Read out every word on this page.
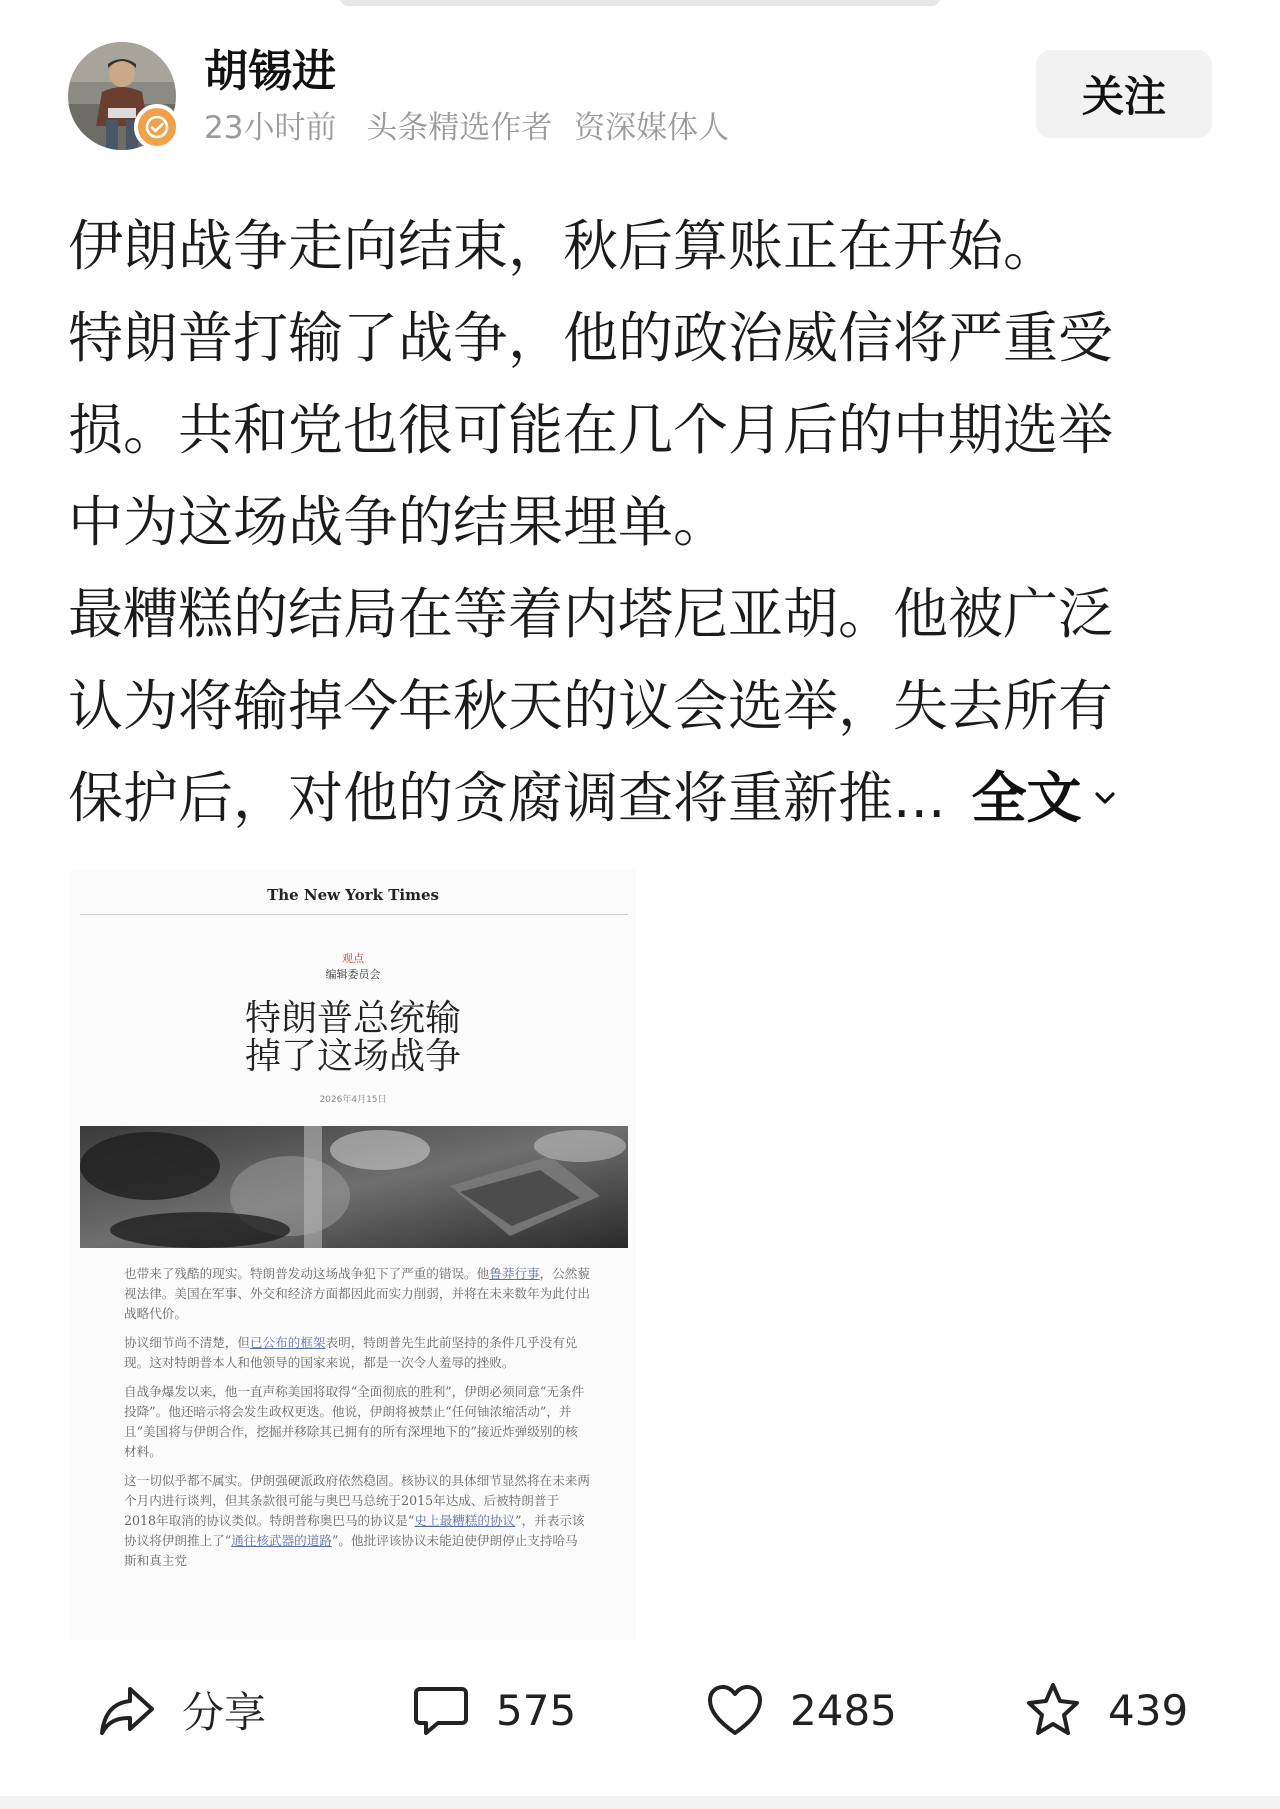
胡锡进
23小时前 头条精选作者 资深媒体人
关注

伊朗战争走向结束，秋后算账正在开始。

特朗普打输了战争，他的政治威信将严重受

损。共和党也很可能在几个月后的中期选举

中为这场战争的结果埋单。

最糟糕的结局在等着内塔尼亚胡。他被广泛

认为将输掉今年秋天的议会选举，失去所有

保护后，对他的贪腐调查将重新推... 全文

The New York Times
观点
编辑委员会
特朗普总统输
掉了这场战争
2026年4月15日

也带来了残酷的现实。特朗普发动这场战争犯下了严重的错误。他鲁莽行事，公然藐视法律。美国在军事、外交和经济方面都因此而实力削弱，并将在未来数年为此付出战略代价。

协议细节尚不清楚，但已公布的框架表明，特朗普先生此前坚持的条件几乎没有兑现。这对特朗普本人和他领导的国家来说，都是一次令人羞辱的挫败。

自战争爆发以来，他一直声称美国将取得“全面彻底的胜利”，伊朗必须同意“无条件投降”。他还暗示将会发生政权更迭。他说，伊朗将被禁止“任何铀浓缩活动”，并且“美国将与伊朗合作，挖掘并移除其已拥有的所有深埋地下的”接近炸弹级别的核材料。

这一切似乎都不属实。伊朗强硬派政府依然稳固。核协议的具体细节显然将在未来两个月内进行谈判，但其条款很可能与奥巴马总统于2015年达成、后被特朗普于2018年取消的协议类似。特朗普称奥巴马的协议是“史上最糟糕的协议”，并表示该协议将伊朗推上了“通往核武器的道路”。他批评该协议未能迫使伊朗停止支持哈马斯和真主党

分享	575	2485	439
